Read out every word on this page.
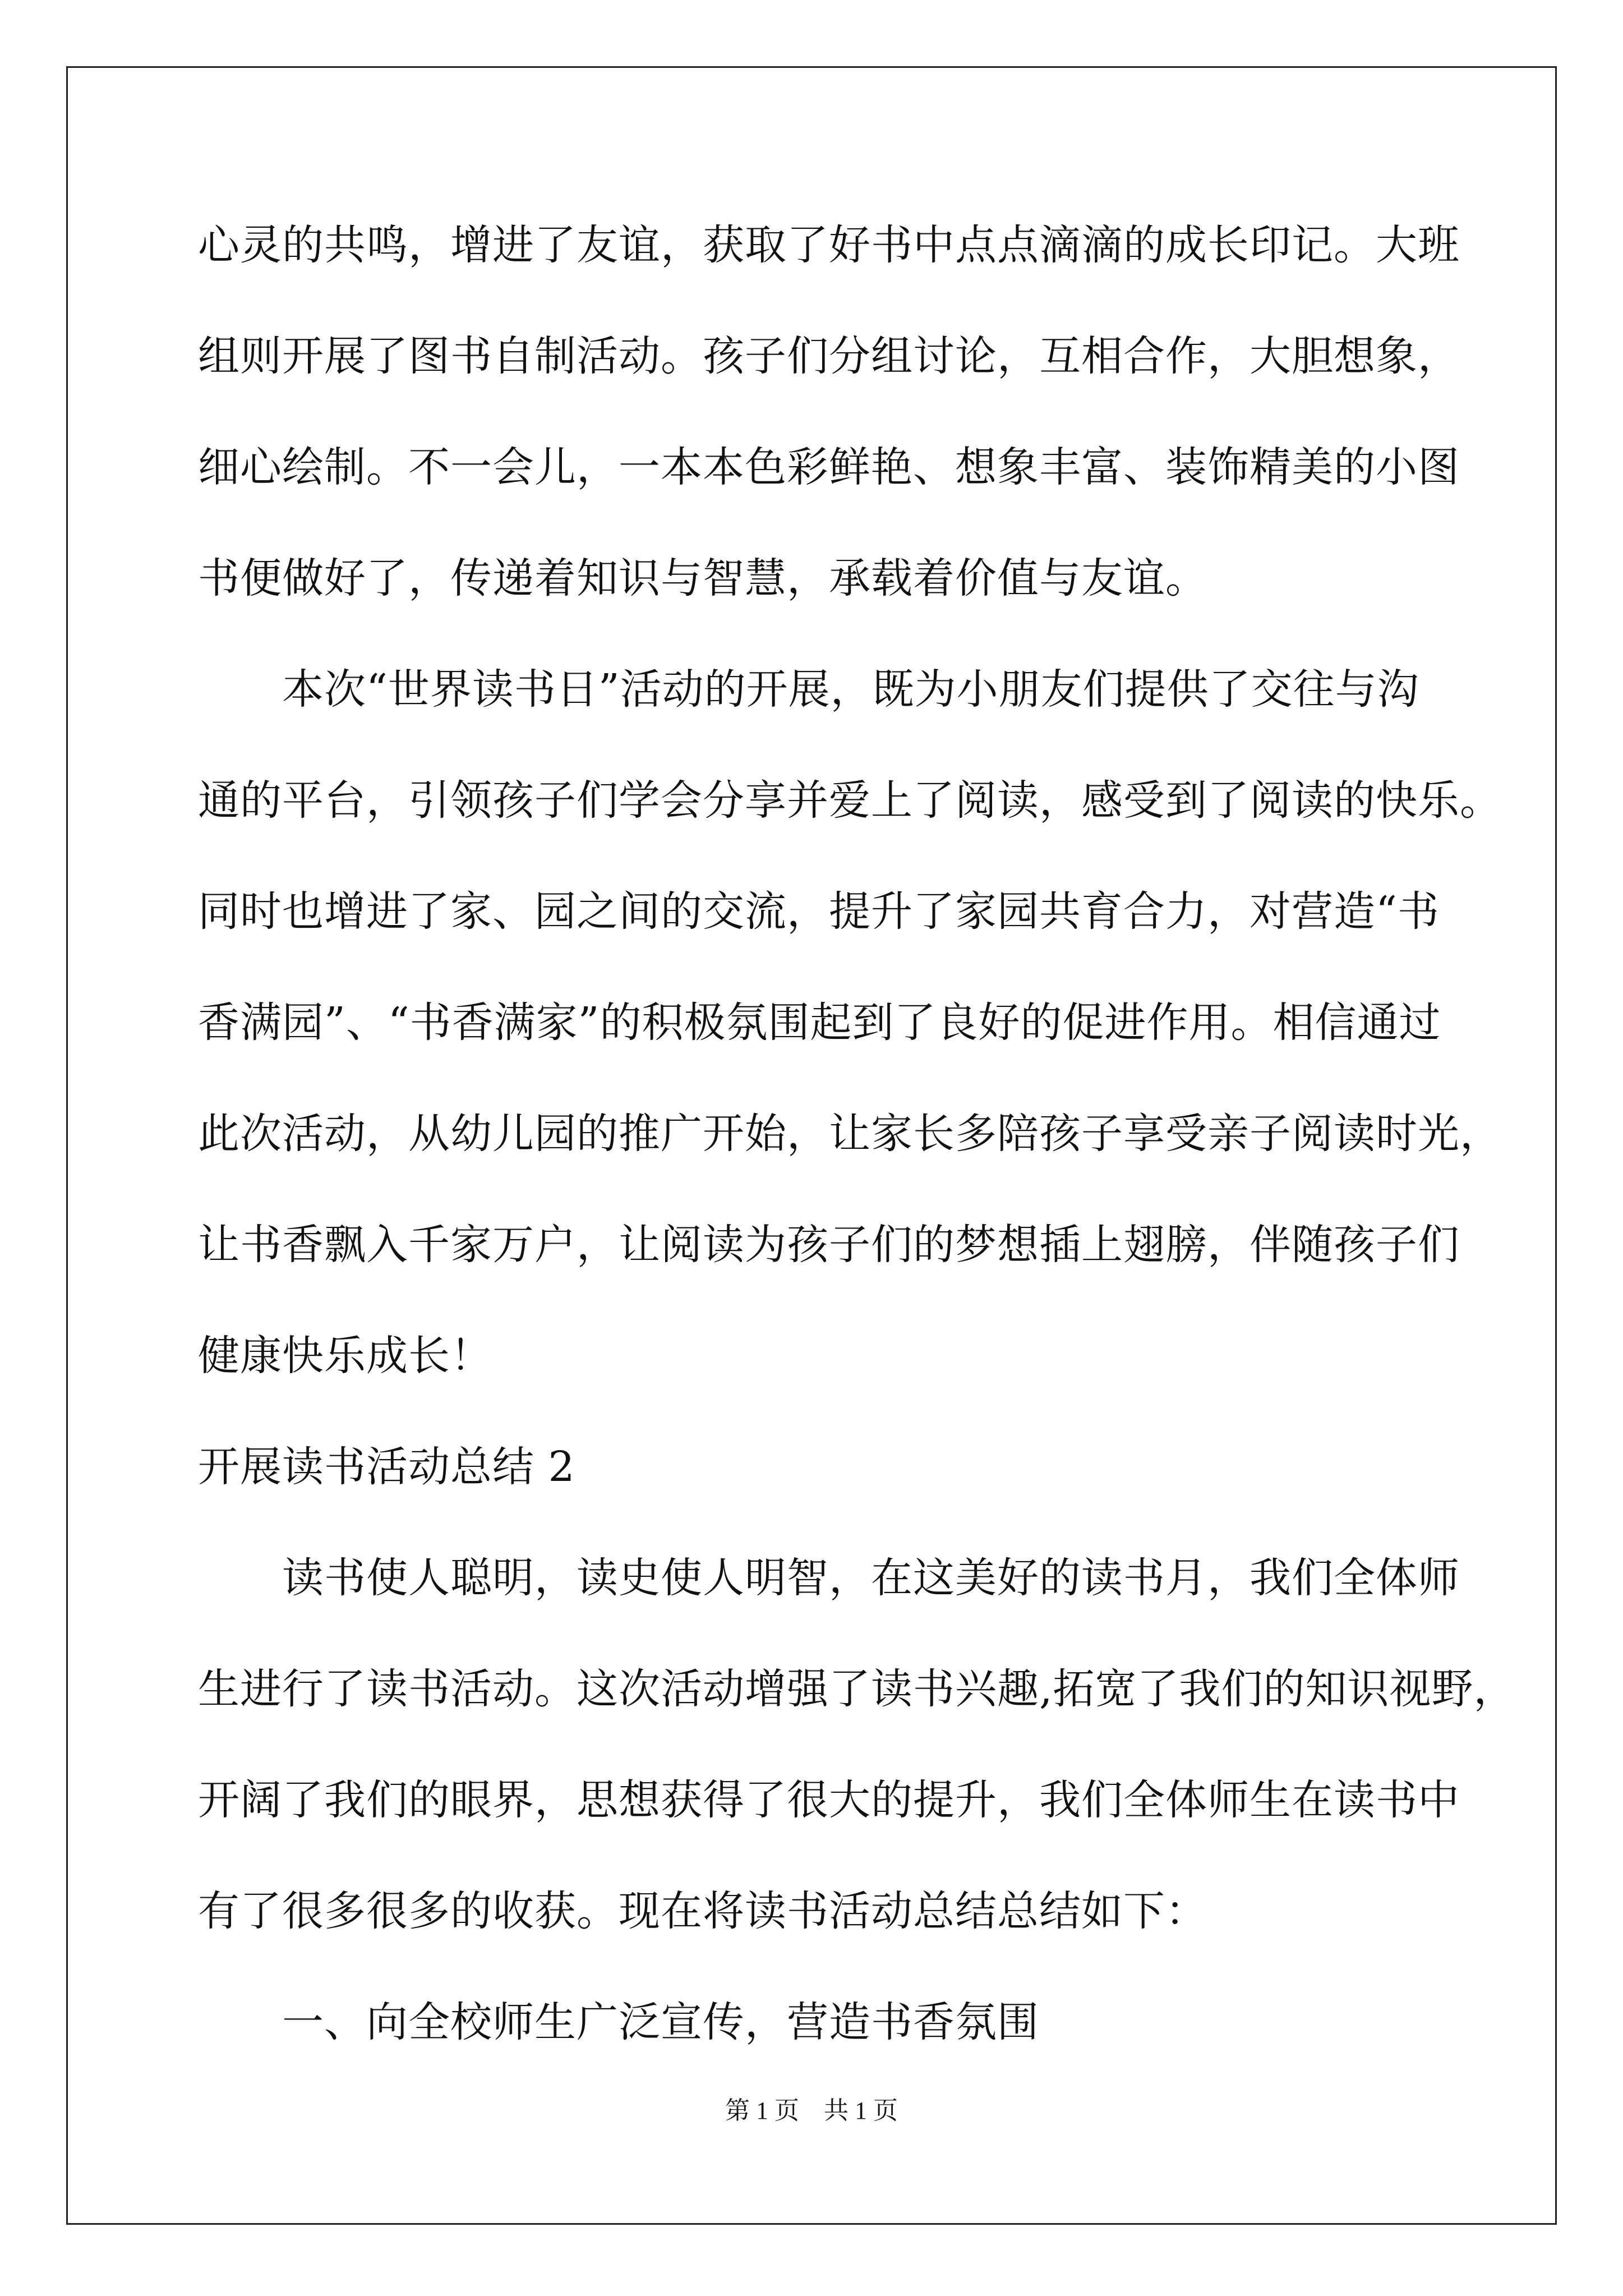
心灵的共鸣，增进了友谊，获取了好书中点点滴滴的成长印记。大班
组则开展了图书自制活动。孩子们分组讨论，互相合作，大胆想象，
细心绘制。不一会儿，一本本色彩鲜艳、想象丰富、装饰精美的小图
书便做好了，传递着知识与智慧，承载着价值与友谊。
　　本次“世界读书日”活动的开展，既为小朋友们提供了交往与沟
通的平台，引领孩子们学会分享并爱上了阅读，感受到了阅读的快乐。
同时也增进了家、园之间的交流，提升了家园共育合力，对营造“书
香满园”、“书香满家”的积极氛围起到了良好的促进作用。相信通过
此次活动，从幼儿园的推广开始，让家长多陪孩子享受亲子阅读时光，
让书香飘入千家万户，让阅读为孩子们的梦想插上翅膀，伴随孩子们
健康快乐成长！
开展读书活动总结 2
　　读书使人聪明，读史使人明智，在这美好的读书月，我们全体师
生进行了读书活动。这次活动增强了读书兴趣,拓宽了我们的知识视野，
开阔了我们的眼界，思想获得了很大的提升，我们全体师生在读书中
有了很多很多的收获。现在将读书活动总结总结如下：
　　一、向全校师生广泛宣传，营造书香氛围
第 1 页　共 1 页
